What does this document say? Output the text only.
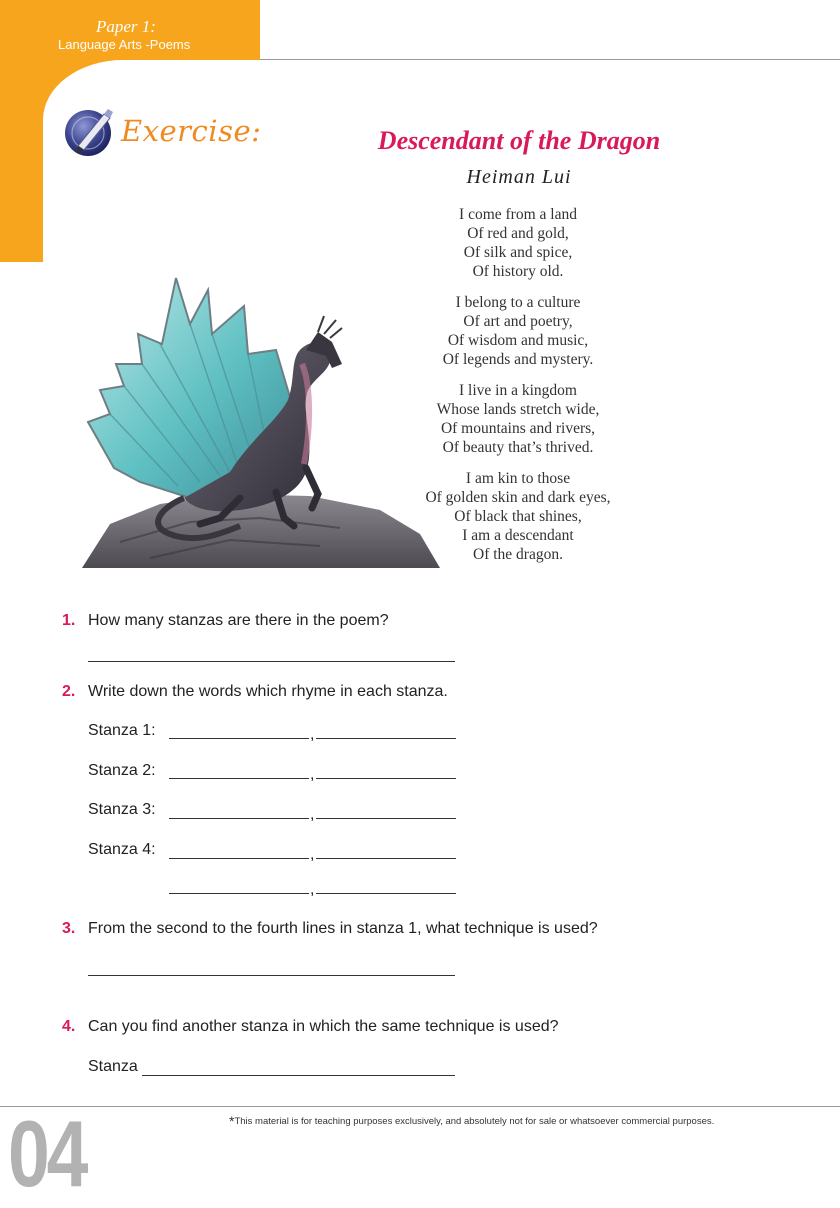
Paper 1:

Language Arts -Poems

Exercise:	Descendant of the Dragon

Heiman Lui

I come from a land
Of red and gold,
Of silk and spice,
Of history old.

I belong to a culture
Of art and poetry,
Of wisdom and music,
Of legends and mystery.

I live in a kingdom
Whose lands stretch wide,
Of mountains and rivers,
Of beauty that’s thrived.

I am kin to those
Of golden skin and dark eyes,
Of black that shines,
I am a descendant
Of the dragon.

1. How many stanzas are there in the poem?

2. Write down the words which rhyme in each stanza.

Stanza 1:	,

Stanza 2:	,

Stanza 3:	,

Stanza 4:	,
,

3. From the second to the fourth lines in stanza 1, what technique is used?

4. Can you find another stanza in which the same technique is used?

Stanza

04	*This material is for teaching purposes exclusively, and absolutely not for sale or whatsoever commercial purposes.
